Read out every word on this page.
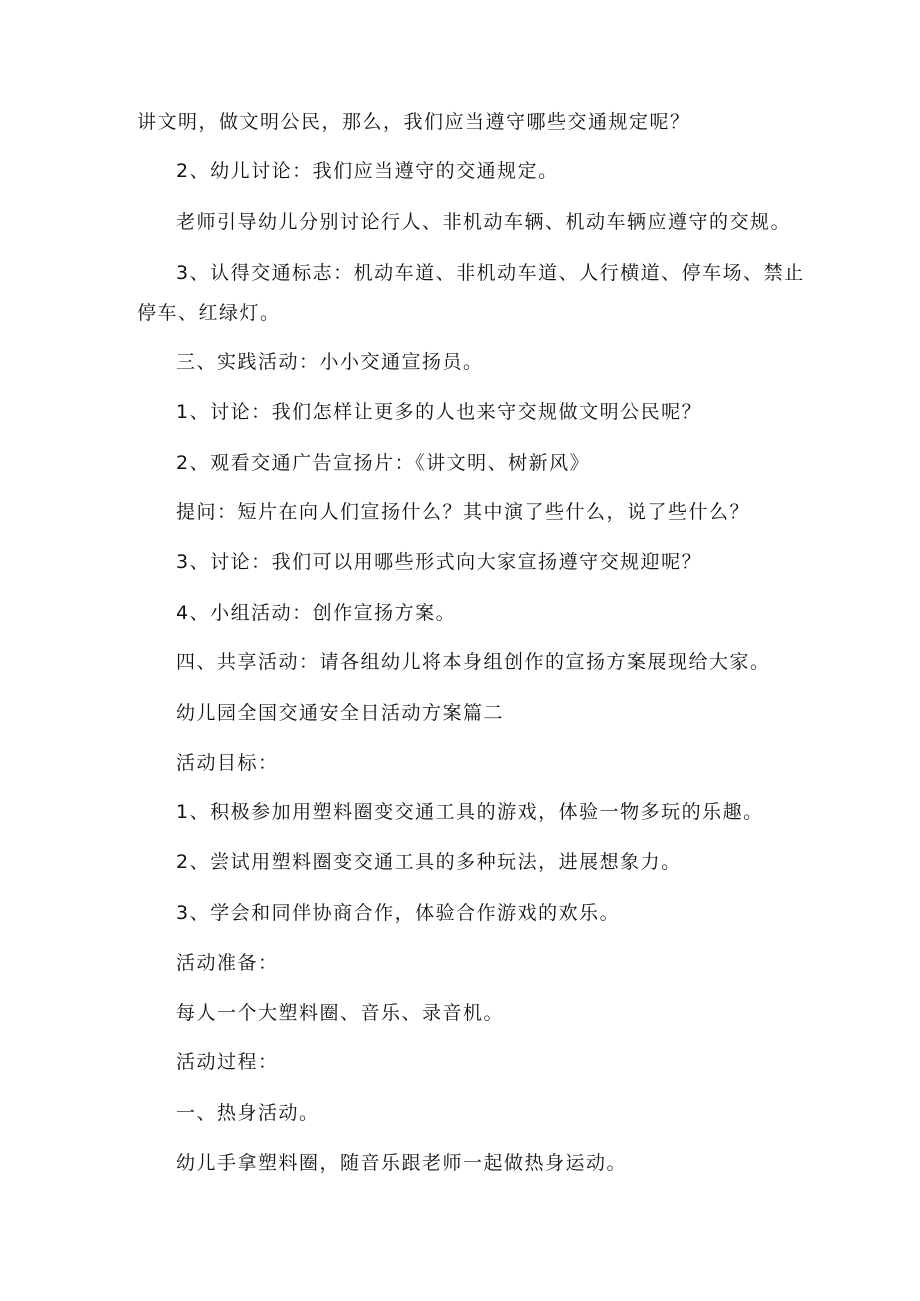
讲文明，做文明公民，那么，我们应当遵守哪些交通规定呢？

2、幼儿讨论：我们应当遵守的交通规定。

老师引导幼儿分别讨论行人、非机动车辆、机动车辆应遵守的交规。

3、认得交通标志：机动车道、非机动车道、人行横道、停车场、禁止

停车、红绿灯。

三、实践活动：小小交通宣扬员。

1、讨论：我们怎样让更多的人也来守交规做文明公民呢？

2、观看交通广告宣扬片：《讲文明、树新风》

提问：短片在向人们宣扬什么？其中演了些什么，说了些什么？

3、讨论：我们可以用哪些形式向大家宣扬遵守交规迎呢？

4、小组活动：创作宣扬方案。

四、共享活动：请各组幼儿将本身组创作的宣扬方案展现给大家。

幼儿园全国交通安全日活动方案篇二

活动目标：

1、积极参加用塑料圈变交通工具的游戏，体验一物多玩的乐趣。

2、尝试用塑料圈变交通工具的多种玩法，进展想象力。

3、学会和同伴协商合作，体验合作游戏的欢乐。

活动准备：

每人一个大塑料圈、音乐、录音机。

活动过程：

一、热身活动。

幼儿手拿塑料圈，随音乐跟老师一起做热身运动。
